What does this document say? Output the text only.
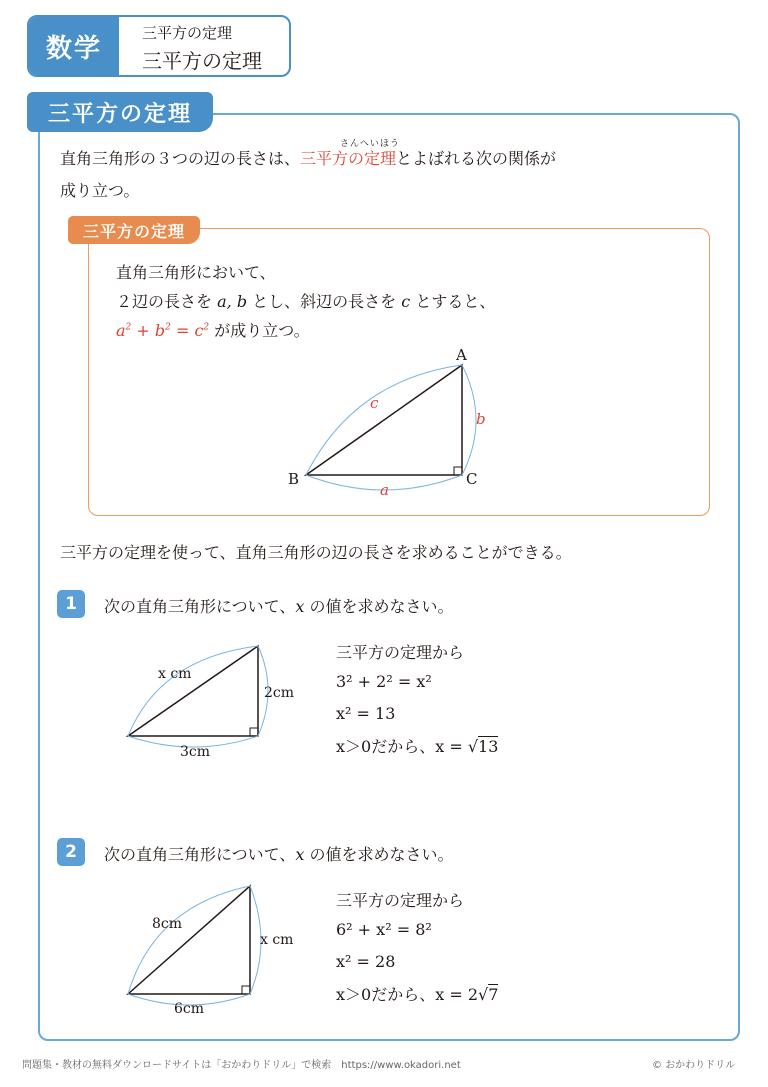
数学
三平方の定理
三平方の定理
三平方の定理
さんへいほう
直角三角形の３つの辺の長さは、三平方の定理とよばれる次の関係が
成り立つ。
三平方の定理
直角三角形において、
２辺の長さを a, b とし、斜辺の長さを c とすると、
$a^2 + b^2 = c^2$ が成り立つ。
A
B	C
c
b
a
三平方の定理を使って、直角三角形の辺の長さを求めることができる。
1	次の直角三角形について、x の値を求めなさい。
x cm
2cm
3cm
三平方の定理から
3² + 2² = x²
x² = 13
x＞0だから、x = √13
2	次の直角三角形について、x の値を求めなさい。
8cm
x cm
6cm
三平方の定理から
6² + x² = 8²
x² = 28
x＞0だから、x = 2√7
問題集・教材の無料ダウンロードサイトは「おかわりドリル」で検索　https://www.okadori.net	© おかわりドリル
